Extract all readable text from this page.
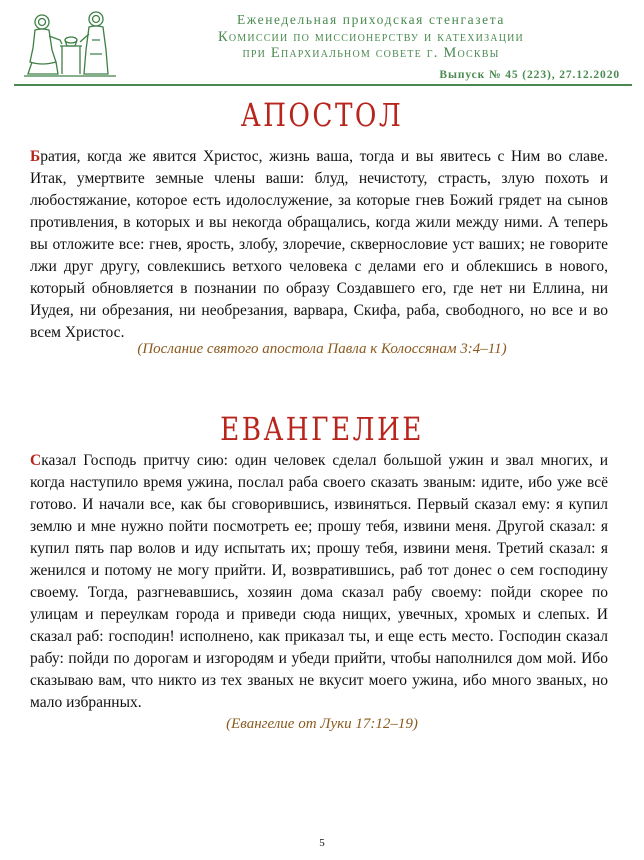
Еженедельная приходская стенгазета
Комиссии по миссионерству и катехизации
при Епархиальном совете г. Москвы
Выпуск № 45 (223), 27.12.2020
АПОСТОЛ
Братия, когда же явится Христос, жизнь ваша, тогда и вы явитесь с Ним во славе. Итак, умертвите земные члены ваши: блуд, нечистоту, страсть, злую похоть и любостяжание, которое есть идолослужение, за которые гнев Божий грядет на сынов противления, в которых и вы некогда обращались, когда жили между ними. А теперь вы отложите все: гнев, ярость, злобу, злоречие, сквернословие уст ваших; не говорите лжи друг другу, совлекшись ветхого человека с делами его и облекшись в нового, который обновляется в познании по образу Создавшего его, где нет ни Еллина, ни Иудея, ни обрезания, ни необрезания, варвара, Скифа, раба, свободного, но все и во всем Христос.
(Послание святого апостола Павла к Колоссянам 3:4–11)
ЕВАНГЕЛИЕ
Сказал Господь притчу сию: один человек сделал большой ужин и звал многих, и когда наступило время ужина, послал раба своего сказать званым: идите, ибо уже всё готово. И начали все, как бы сговорившись, извиняться. Первый сказал ему: я купил землю и мне нужно пойти посмотреть ее; прошу тебя, извини меня. Другой сказал: я купил пять пар волов и иду испытать их; прошу тебя, извини меня. Третий сказал: я женился и потому не могу прийти. И, возвратившись, раб тот донес о сем господину своему. Тогда, разгневавшись, хозяин дома сказал рабу своему: пойди скорее по улицам и переулкам города и приведи сюда нищих, увечных, хромых и слепых. И сказал раб: господин! исполнено, как приказал ты, и еще есть место. Господин сказал рабу: пойди по дорогам и изгородям и убеди прийти, чтобы наполнился дом мой. Ибо сказываю вам, что никто из тех званых не вкусит моего ужина, ибо много званых, но мало избранных.
(Евангелие от Луки 17:12–19)
5
